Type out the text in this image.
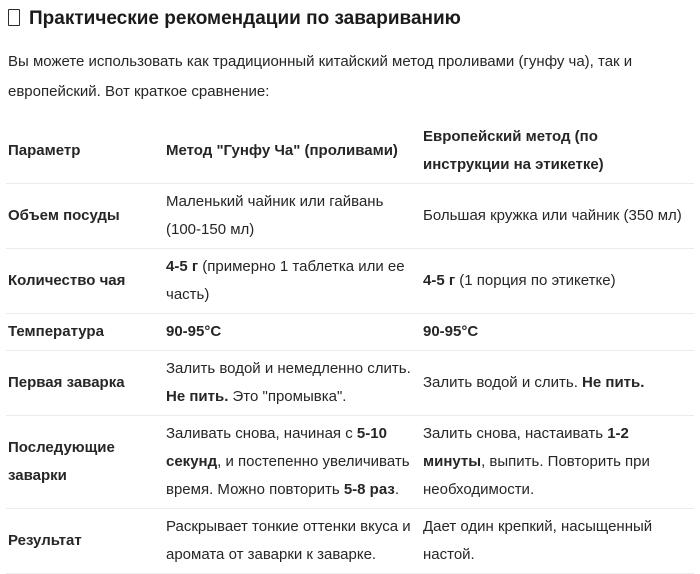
Практические рекомендации по завариванию

Вы можете использовать как традиционный китайский метод проливами (гунфу ча), так и европейский. Вот краткое сравнение:

Параметр	Метод "Гунфу Ча" (проливами)	Европейский метод (по инструкции на этикетке)
Объем посуды	Маленький чайник или гайвань (100-150 мл)	Большая кружка или чайник (350 мл)
Количество чая	4-5 г (примерно 1 таблетка или ее часть)	4-5 г (1 порция по этикетке)
Температура	90-95°C	90-95°C
Первая заварка	Залить водой и немедленно слить. Не пить. Это "промывка".	Залить водой и слить. Не пить.
Последующие заварки	Заливать снова, начиная с 5-10 секунд, и постепенно увеличивать время. Можно повторить 5-8 раз.	Залить снова, настаивать 1-2 минуты, выпить. Повторить при необходимости.
Результат	Раскрывает тонкие оттенки вкуса и аромата от заварки к заварке.	Дает один крепкий, насыщенный настой.
